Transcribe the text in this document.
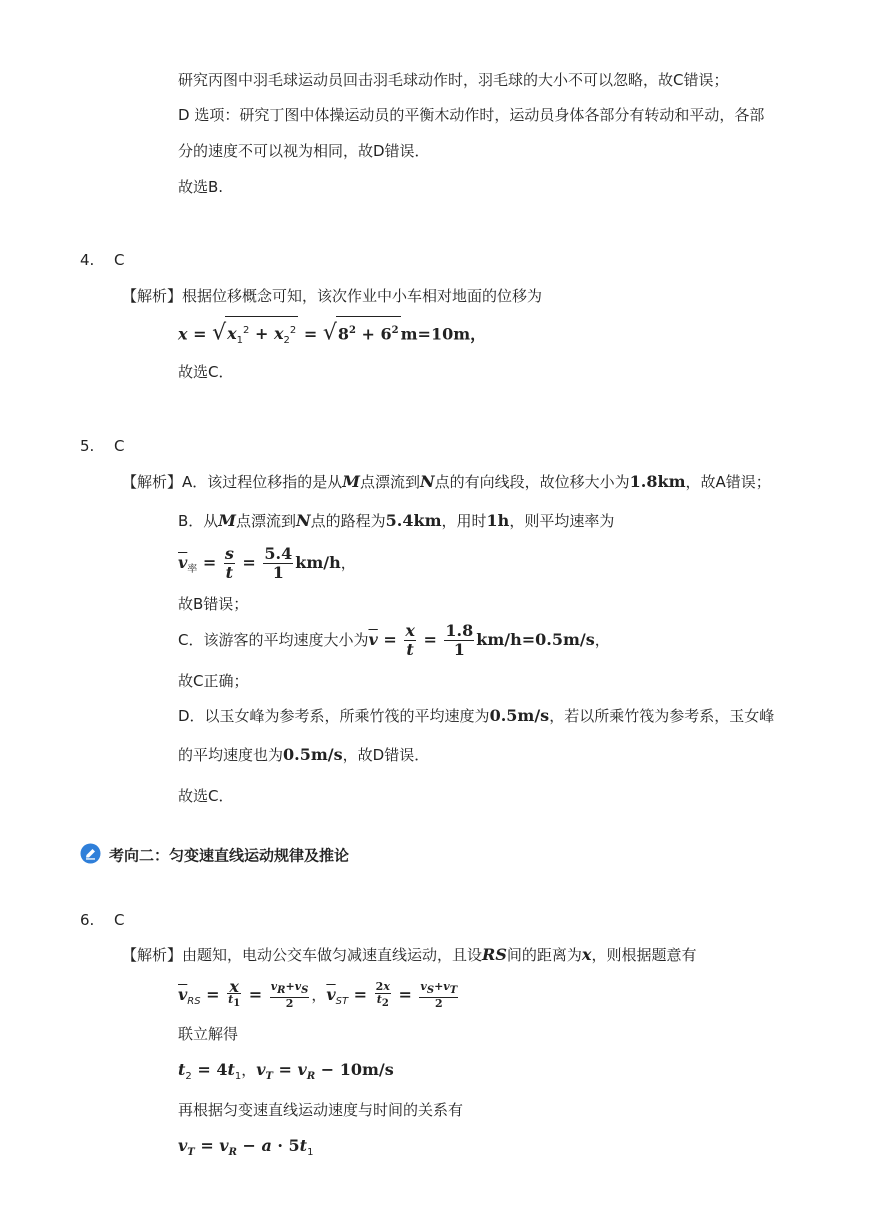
研究丙图中羽毛球运动员回击羽毛球动作时，羽毛球的大小不可以忽略，故C错误；
D 选项：研究丁图中体操运动员的平衡木动作时，运动员身体各部分有转动和平动，各部
分的速度不可以视为相同，故D错误．
故选B.
4. C
【解析】根据位移概念可知，该次作业中小车相对地面的位移为
$x = √x_1^2 + x_2^2 = √8^2 + 6^2$ m=10m，
故选C．
5. C
【解析】A．该过程位移指的是从M点漂流到N点的有向线段，故位移大小为1.8km，故A错误；
B．从M点漂流到N点的路程为5.4km，用时1h，则平均速率为
$\overline{v}_率 = \frac{s}{t} = \frac{5.4}{1} km/h$，
故B错误；
C．该游客的平均速度大小为$\overline{v} = \frac{x}{t} = \frac{1.8}{1} km/h=0.5m/s$，
故C正确；
D．以玉女峰为参考系，所乘竹筏的平均速度为0.5m/s，若以所乘竹筏为参考系，玉女峰
的平均速度也为0.5m/s，故D错误．
故选C．
考向二：匀变速直线运动规律及推论
6. C
【解析】由题知，电动公交车做匀减速直线运动，且设RS间的距离为x，则根据题意有
$\overline{v}_{RS} = \frac{x}{t_1} = \frac{v_R+v_S}{2}$ ，$\overline{v}_{ST} = \frac{2x}{t_2} = \frac{v_S+v_T}{2}$
联立解得
$t_2 = 4t_1$，$v_T = v_R - 10m/s$
再根据匀变速直线运动速度与时间的关系有
$v_T = v_R - a \cdot 5t_1$
